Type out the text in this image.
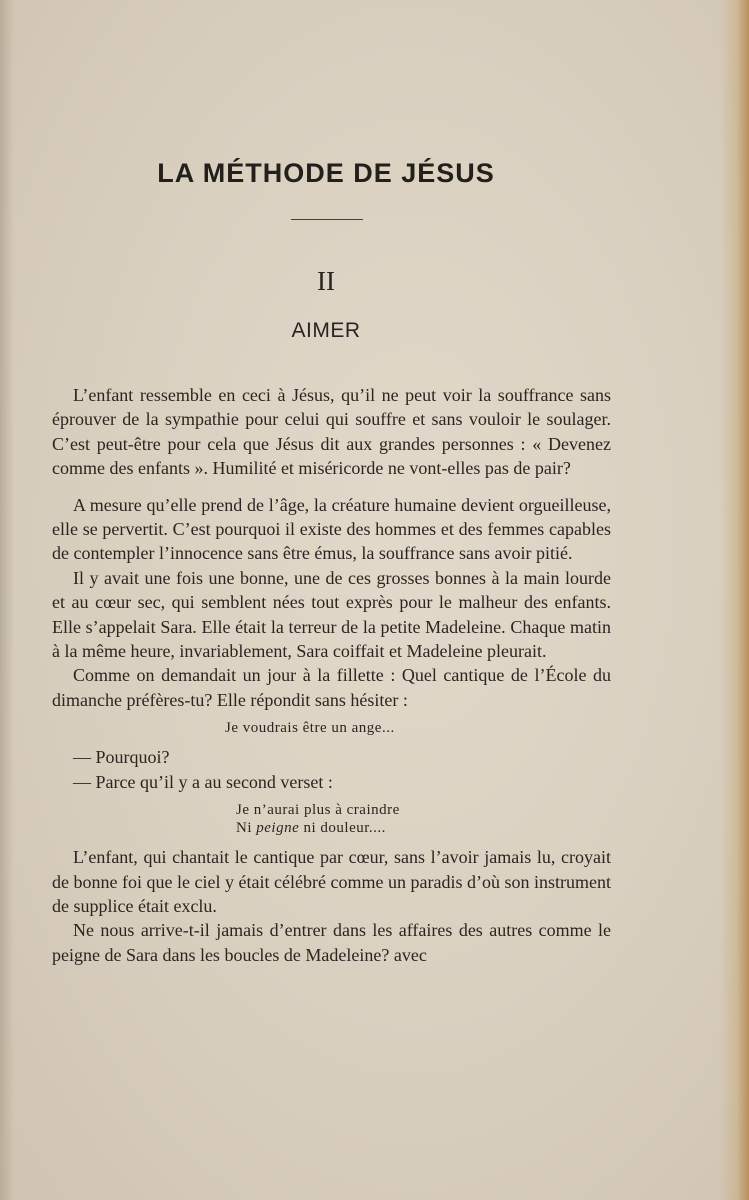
LA MÉTHODE DE JÉSUS
II
AIMER

L’enfant ressemble en ceci à Jésus, qu’il ne peut voir la souffrance sans éprouver de la sympathie pour celui qui souffre et sans vouloir le soulager. C’est peut-être pour cela que Jésus dit aux grandes personnes : « Devenez comme des enfants ». Humilité et miséricorde ne vont-elles pas de pair?

A mesure qu’elle prend de l’âge, la créature humaine devient orgueilleuse, elle se pervertit. C’est pourquoi il existe des hommes et des femmes capables de contempler l’innocence sans être émus, la souffrance sans avoir pitié.

Il y avait une fois une bonne, une de ces grosses bonnes à la main lourde et au cœur sec, qui semblent nées tout exprès pour le malheur des enfants. Elle s’appelait Sara. Elle était la terreur de la petite Madeleine. Chaque matin à la même heure, invariablement, Sara coiffait et Madeleine pleurait.

Comme on demandait un jour à la fillette : Quel cantique de l’École du dimanche préfères-tu? Elle répondit sans hésiter :

Je voudrais être un ange...

— Pourquoi?

— Parce qu’il y a au second verset :

Je n’aurai plus à craindre
Ni peigne ni douleur....

L’enfant, qui chantait le cantique par cœur, sans l’avoir jamais lu, croyait de bonne foi que le ciel y était célébré comme un paradis d’où son instrument de supplice était exclu.

Ne nous arrive-t-il jamais d’entrer dans les affaires des autres comme le peigne de Sara dans les boucles de Madeleine? avec
